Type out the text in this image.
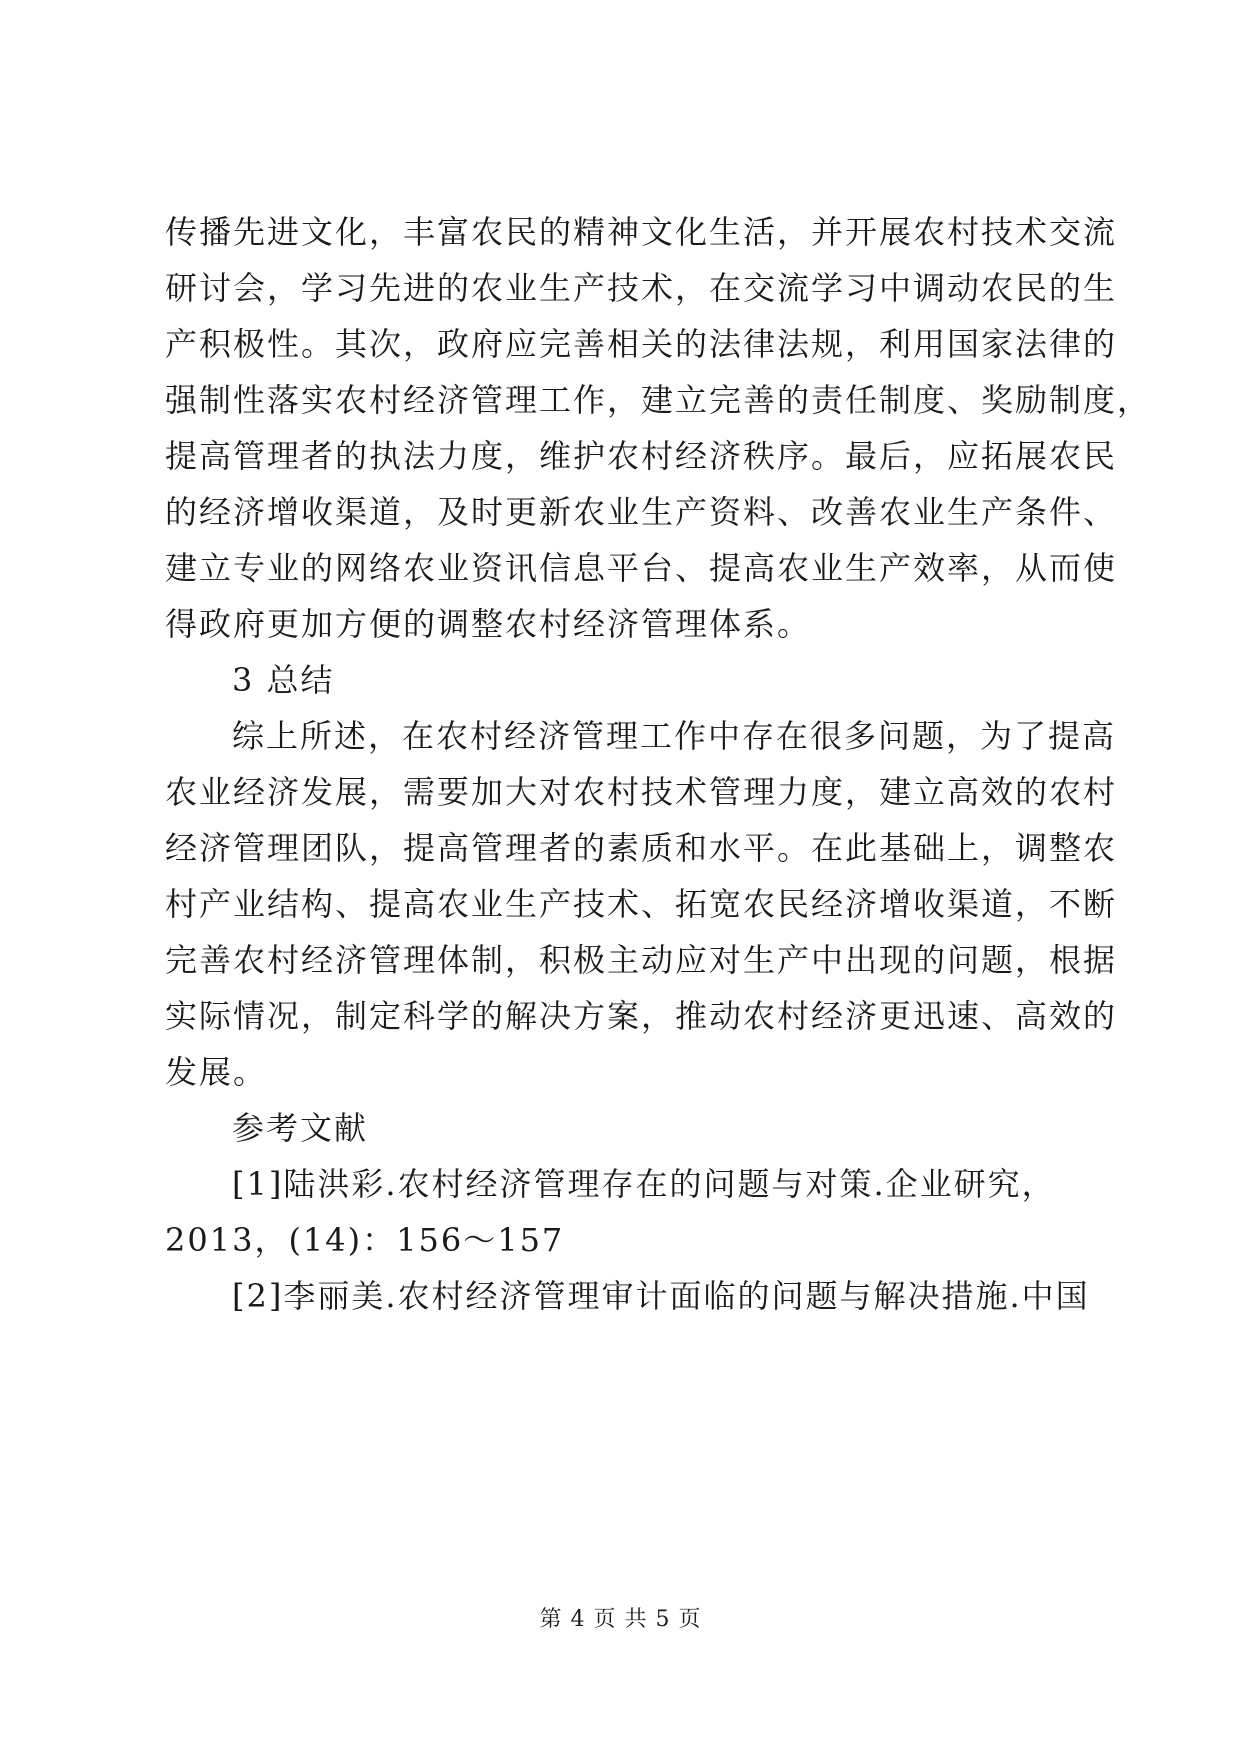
传播先进文化，丰富农民的精神文化生活，并开展农村技术交流
研讨会，学习先进的农业生产技术，在交流学习中调动农民的生
产积极性。其次，政府应完善相关的法律法规，利用国家法律的
强制性落实农村经济管理工作，建立完善的责任制度、奖励制度，
提高管理者的执法力度，维护农村经济秩序。最后，应拓展农民
的经济增收渠道，及时更新农业生产资料、改善农业生产条件、
建立专业的网络农业资讯信息平台、提高农业生产效率，从而使
得政府更加方便的调整农村经济管理体系。
3 总结
综上所述，在农村经济管理工作中存在很多问题，为了提高
农业经济发展，需要加大对农村技术管理力度，建立高效的农村
经济管理团队，提高管理者的素质和水平。在此基础上，调整农
村产业结构、提高农业生产技术、拓宽农民经济增收渠道，不断
完善农村经济管理体制，积极主动应对生产中出现的问题，根据
实际情况，制定科学的解决方案，推动农村经济更迅速、高效的
发展。
参考文献
[1]陆洪彩.农村经济管理存在的问题与对策.企业研究，
2013，(14)：156～157
[2]李丽美.农村经济管理审计面临的问题与解决措施.中国
第 4 页 共 5 页
